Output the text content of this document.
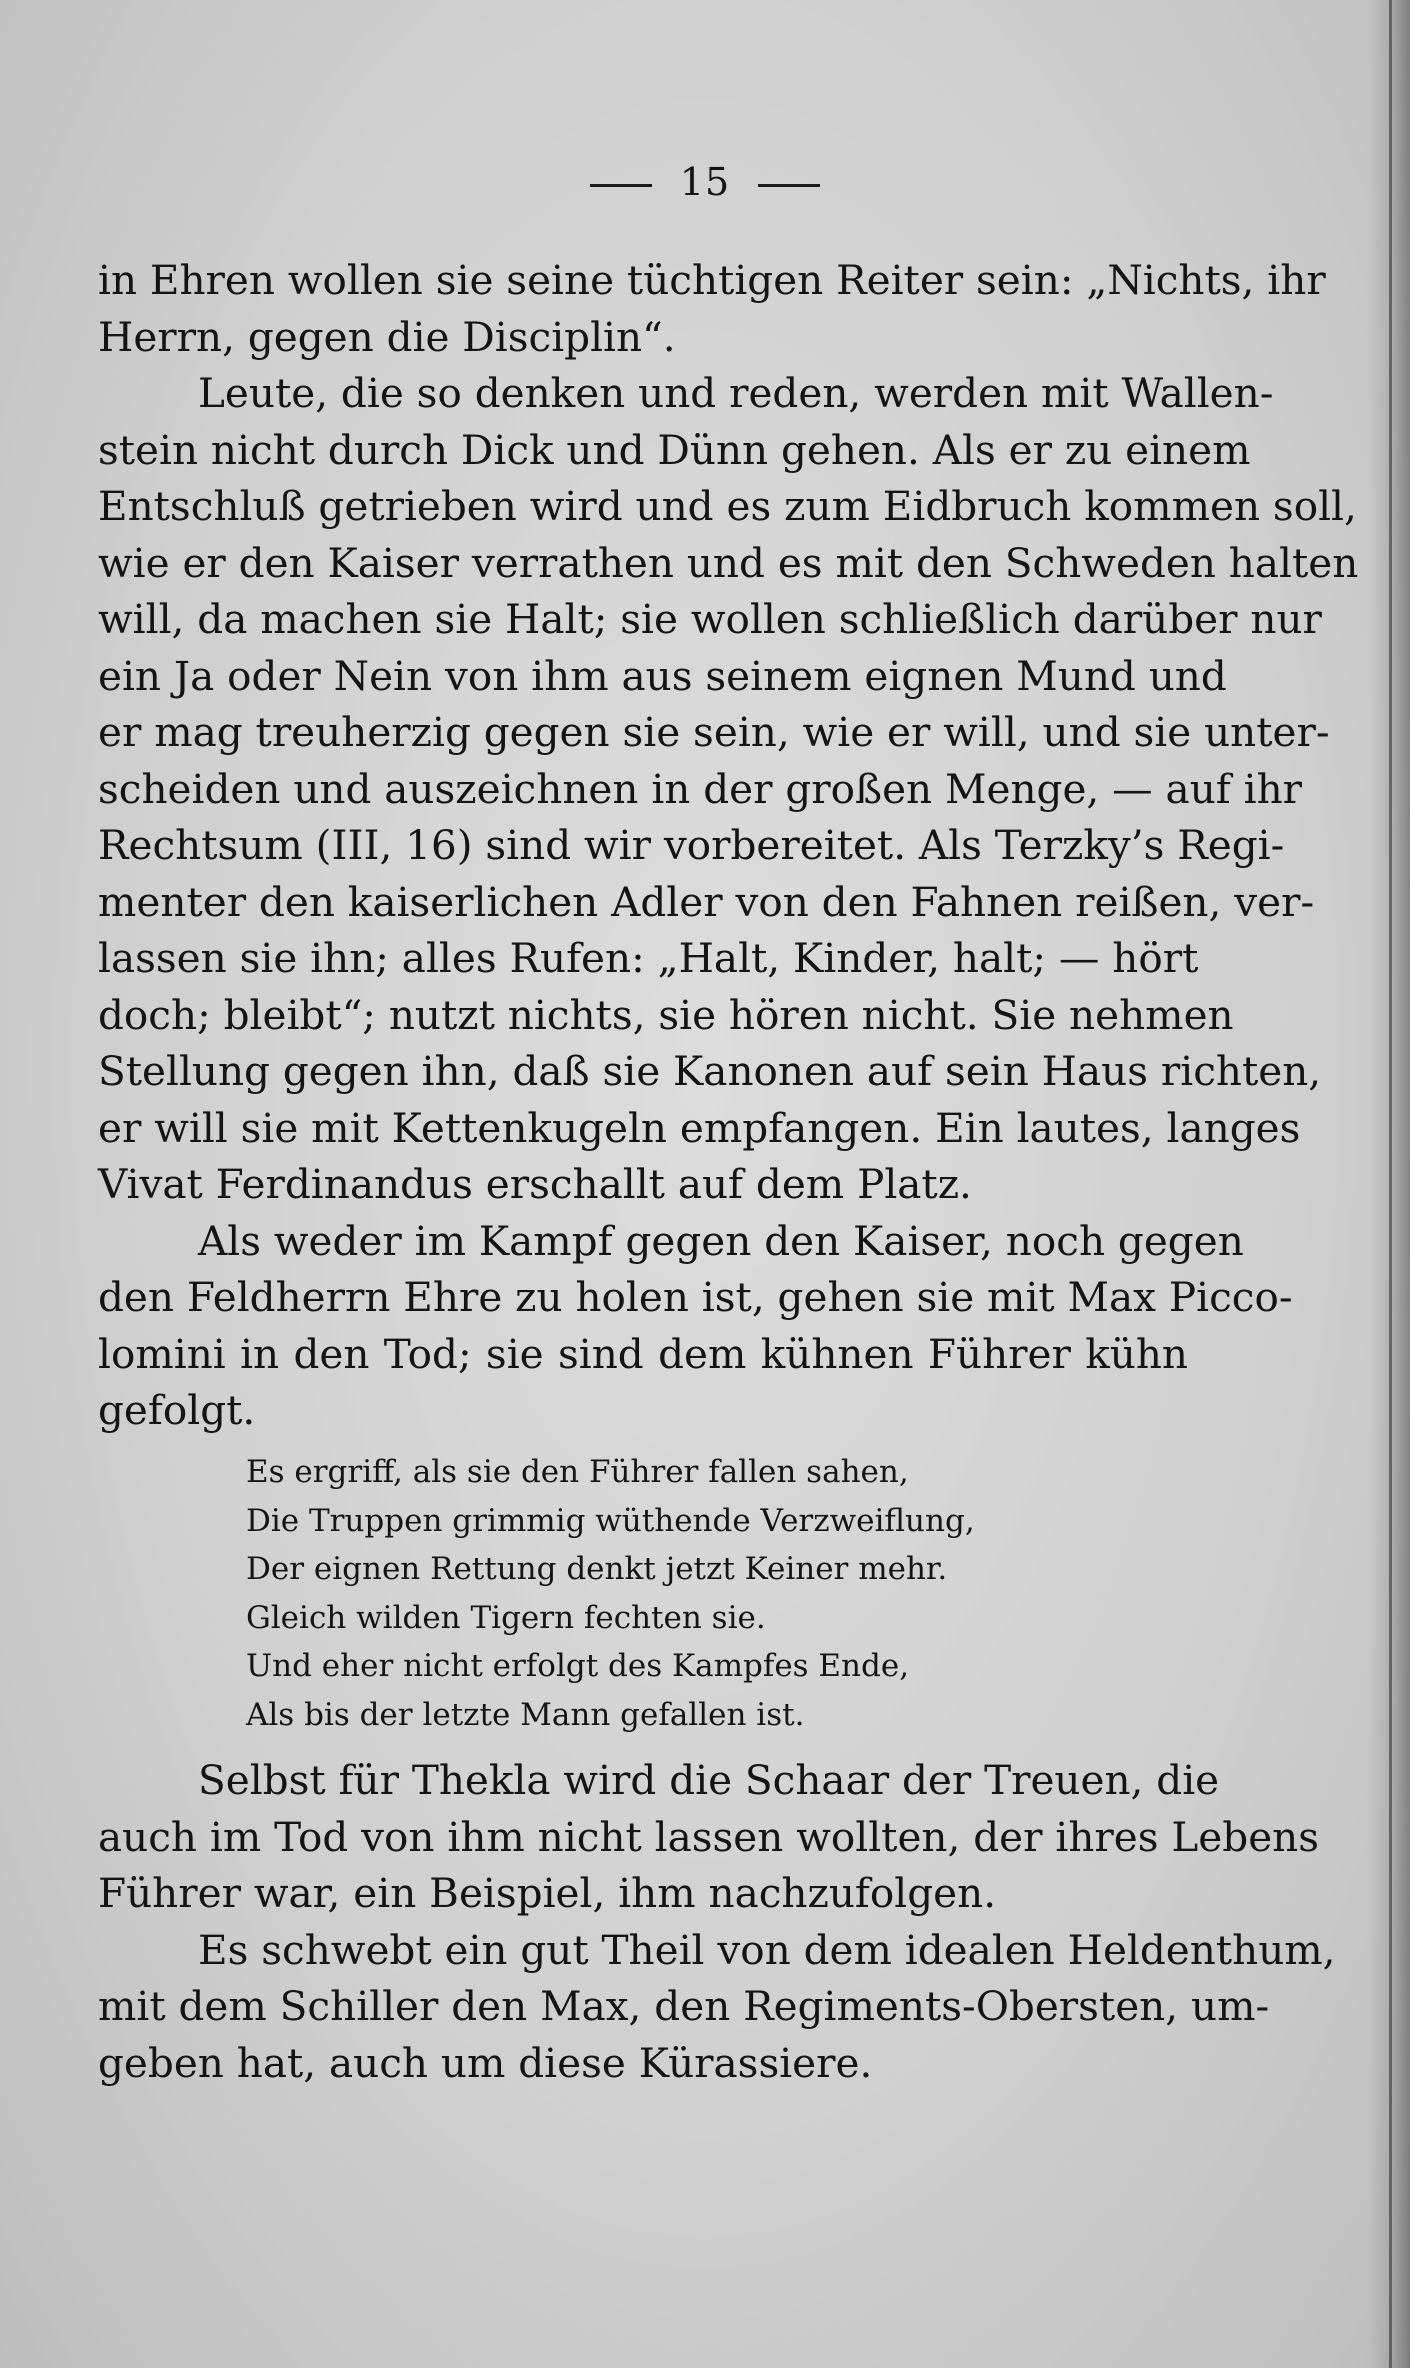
15
in Ehren wollen sie seine tüchtigen Reiter sein: „Nichts, ihr
Herrn, gegen die Disciplin“.
Leute, die so denken und reden, werden mit Wallen-
stein nicht durch Dick und Dünn gehen. Als er zu einem
Entschluß getrieben wird und es zum Eidbruch kommen soll,
wie er den Kaiser verrathen und es mit den Schweden halten
will, da machen sie Halt; sie wollen schließlich darüber nur
ein Ja oder Nein von ihm aus seinem eignen Mund und
er mag treuherzig gegen sie sein, wie er will, und sie unter-
scheiden und auszeichnen in der großen Menge, — auf ihr
Rechtsum (III, 16) sind wir vorbereitet. Als Terzky’s Regi-
menter den kaiserlichen Adler von den Fahnen reißen, ver-
lassen sie ihn; alles Rufen: „Halt, Kinder, halt; — hört
doch; bleibt“; nutzt nichts, sie hören nicht. Sie nehmen
Stellung gegen ihn, daß sie Kanonen auf sein Haus richten,
er will sie mit Kettenkugeln empfangen. Ein lautes, langes
Vivat Ferdinandus erschallt auf dem Platz.
Als weder im Kampf gegen den Kaiser, noch gegen
den Feldherrn Ehre zu holen ist, gehen sie mit Max Picco-
lomini in den Tod; sie sind dem kühnen Führer kühn
gefolgt.
Es ergriff, als sie den Führer fallen sahen,
Die Truppen grimmig wüthende Verzweiflung,
Der eignen Rettung denkt jetzt Keiner mehr.
Gleich wilden Tigern fechten sie.
Und eher nicht erfolgt des Kampfes Ende,
Als bis der letzte Mann gefallen ist.
Selbst für Thekla wird die Schaar der Treuen, die
auch im Tod von ihm nicht lassen wollten, der ihres Lebens
Führer war, ein Beispiel, ihm nachzufolgen.
Es schwebt ein gut Theil von dem idealen Heldenthum,
mit dem Schiller den Max, den Regiments-Obersten, um-
geben hat, auch um diese Kürassiere.
